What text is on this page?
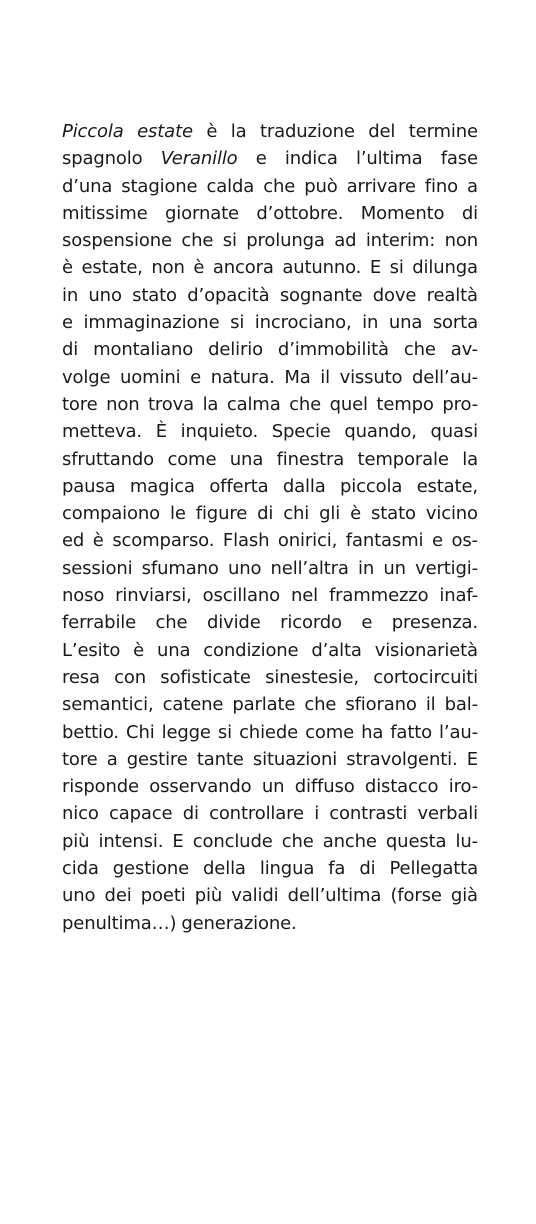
Piccola estate è la traduzione del termine
spagnolo Veranillo e indica l’ultima fase
d’una stagione calda che può arrivare fino a
mitissime giornate d’ottobre. Momento di
sospensione che si prolunga ad interim: non
è estate, non è ancora autunno. E si dilunga
in uno stato d’opacità sognante dove realtà
e immaginazione si incrociano, in una sorta
di montaliano delirio d’immobilità che av-
volge uomini e natura. Ma il vissuto dell’au-
tore non trova la calma che quel tempo pro-
metteva. È inquieto. Specie quando, quasi
sfruttando come una finestra temporale la
pausa magica offerta dalla piccola estate,
compaiono le figure di chi gli è stato vicino
ed è scomparso. Flash onirici, fantasmi e os-
sessioni sfumano uno nell’altra in un vertigi-
noso rinviarsi, oscillano nel frammezzo inaf-
ferrabile che divide ricordo e presenza.
L’esito è una condizione d’alta visionarietà
resa con sofisticate sinestesie, cortocircuiti
semantici, catene parlate che sfiorano il bal-
bettio. Chi legge si chiede come ha fatto l’au-
tore a gestire tante situazioni stravolgenti. E
risponde osservando un diffuso distacco iro-
nico capace di controllare i contrasti verbali
più intensi. E conclude che anche questa lu-
cida gestione della lingua fa di Pellegatta
uno dei poeti più validi dell’ultima (forse già
penultima…) generazione.
